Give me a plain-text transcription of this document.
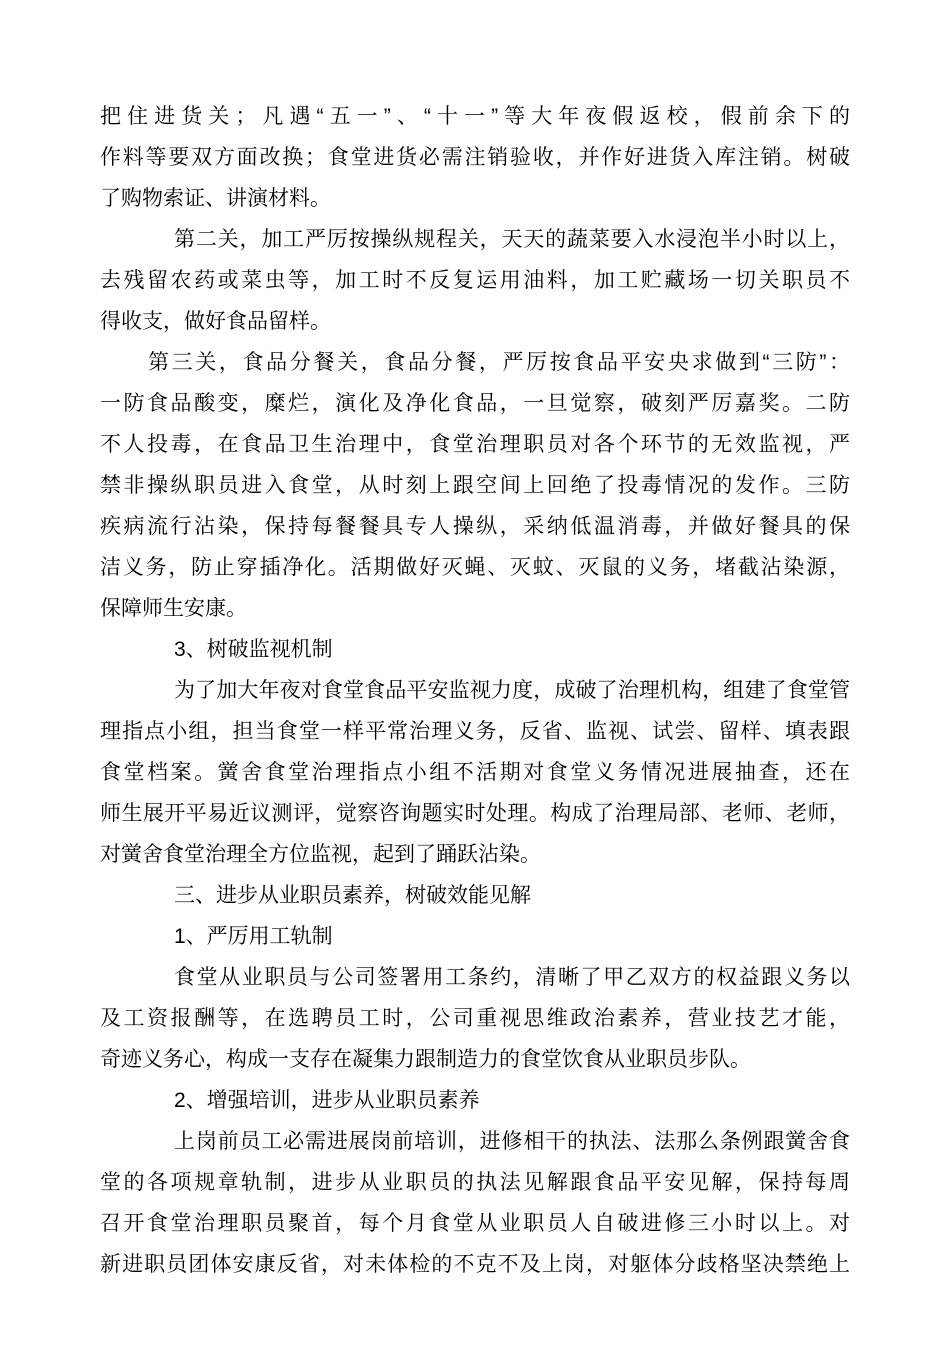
把住进货关；凡遇“五一”、“十一”等大年夜假返校，假前余下的
作料等要双方面改换；食堂进货必需注销验收，并作好进货入库注销。树破
了购物索证、讲演材料。
第二关，加工严厉按操纵规程关，天天的蔬菜要入水浸泡半小时以上，
去残留农药或菜虫等，加工时不反复运用油料，加工贮藏场一切关职员不
得收支，做好食品留样。
第三关，食品分餐关，食品分餐，严厉按食品平安央求做到“三防”：
一防食品酸变，糜烂，演化及净化食品，一旦觉察，破刻严厉嘉奖。二防
不人投毒，在食品卫生治理中，食堂治理职员对各个环节的无效监视，严
禁非操纵职员进入食堂，从时刻上跟空间上回绝了投毒情况的发作。三防
疾病流行沾染，保持每餐餐具专人操纵，采纳低温消毒，并做好餐具的保
洁义务，防止穿插净化。活期做好灭蝇、灭蚊、灭鼠的义务，堵截沾染源，
保障师生安康。
3、树破监视机制
为了加大年夜对食堂食品平安监视力度，成破了治理机构，组建了食堂管
理指点小组，担当食堂一样平常治理义务，反省、监视、试尝、留样、填表跟
食堂档案。黉舍食堂治理指点小组不活期对食堂义务情况进展抽查，还在
师生展开平易近议测评，觉察咨询题实时处理。构成了治理局部、老师、老师，
对黉舍食堂治理全方位监视，起到了踊跃沾染。
三、进步从业职员素养，树破效能见解
1、严厉用工轨制
食堂从业职员与公司签署用工条约，清晰了甲乙双方的权益跟义务以
及工资报酬等，在选聘员工时，公司重视思维政治素养，营业技艺才能，
奇迹义务心，构成一支存在凝集力跟制造力的食堂饮食从业职员步队。
2、增强培训，进步从业职员素养
上岗前员工必需进展岗前培训，进修相干的执法、法那么条例跟黉舍食
堂的各项规章轨制，进步从业职员的执法见解跟食品平安见解，保持每周
召开食堂治理职员聚首，每个月食堂从业职员人自破进修三小时以上。对
新进职员团体安康反省，对未体检的不克不及上岗，对躯体分歧格坚决禁绝上
